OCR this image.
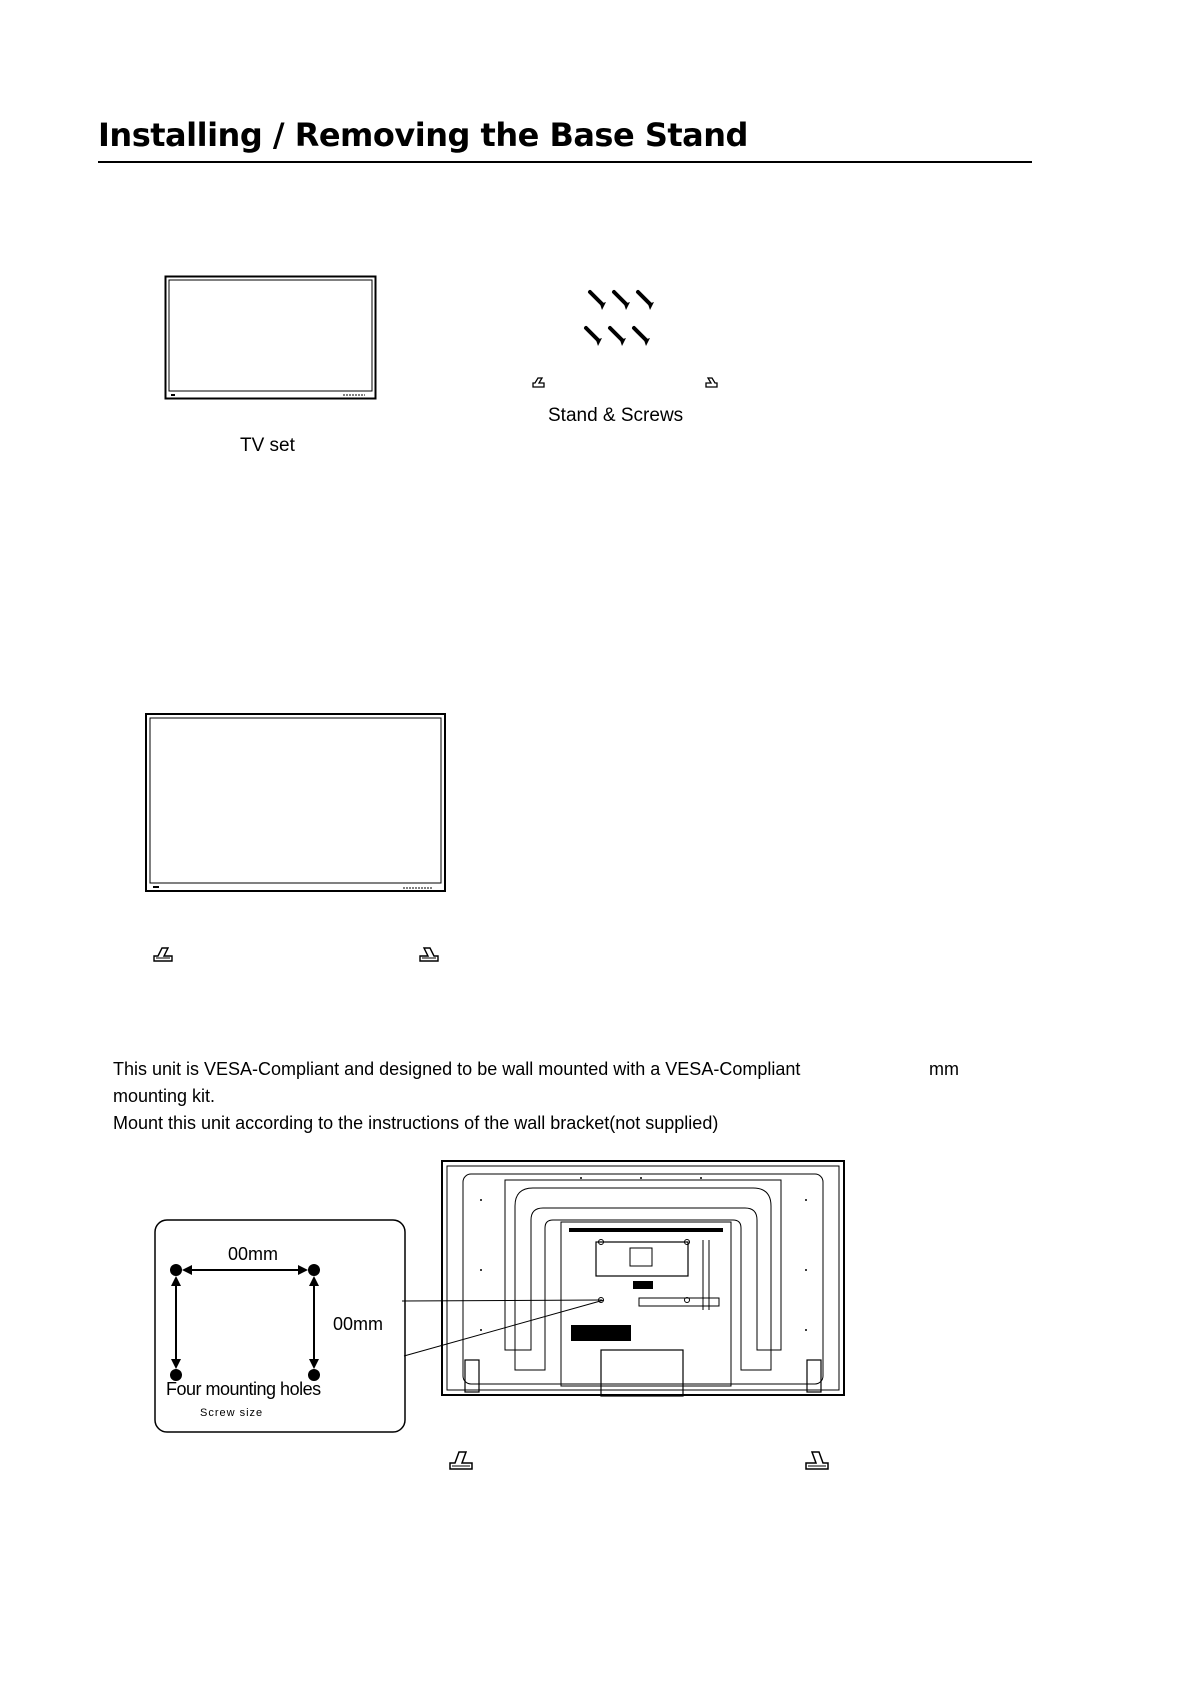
Installing / Removing the Base Stand
TV set
Stand & Screws
This unit is VESA-Compliant and designed to be wall mounted with a VESA-Compliant	mm
mounting kit.
Mount this unit according to the instructions of the wall bracket(not supplied)
00mm
00mm
Four mounting holes
Screw size
